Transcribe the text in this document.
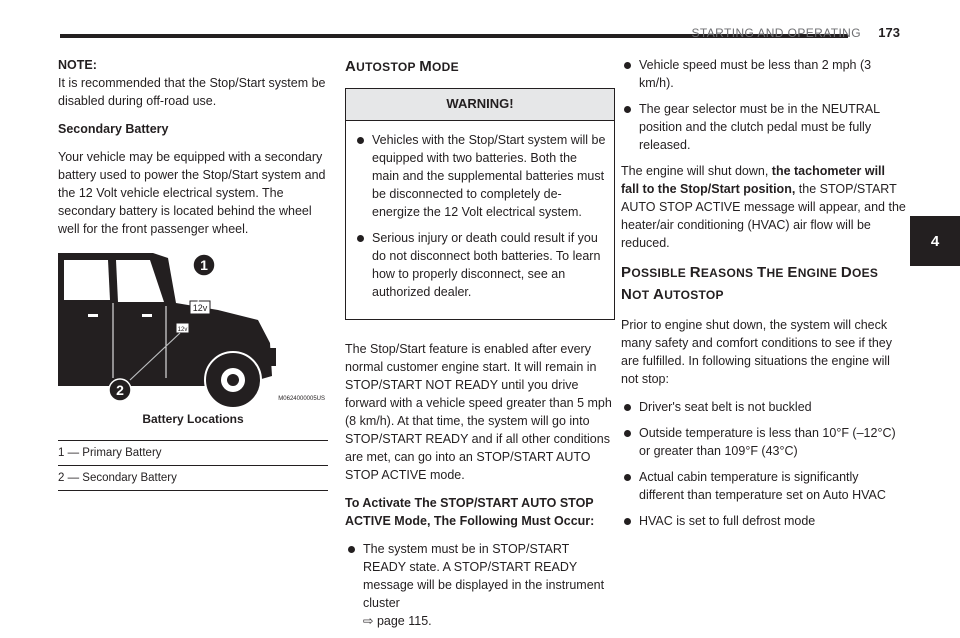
STARTING AND OPERATING 173
4

NOTE:
It is recommended that the Stop/Start system be disabled during off-road use.

Secondary Battery

Your vehicle may be equipped with a secondary battery used to power the Stop/Start system and the 12 Volt vehicle electrical system. The secondary battery is located behind the wheel well for the front passenger wheel.

12v
12v
1
2
M0624000005US
Battery Locations
1 — Primary Battery
2 — Secondary Battery
AUTOSTOP MODE
WARNING!
Vehicles with the Stop/Start system will be equipped with two batteries. Both the main and the supplemental batteries must be disconnected to completely de-energize the 12 Volt electrical system.
Serious injury or death could result if you do not disconnect both batteries. To learn how to properly disconnect, see an authorized dealer.

The Stop/Start feature is enabled after every normal customer engine start. It will remain in STOP/START NOT READY until you drive forward with a vehicle speed greater than 5 mph (8 km/h). At that time, the system will go into STOP/START READY and if all other conditions are met, can go into an STOP/START AUTO STOP ACTIVE mode.

To Activate The STOP/START AUTO STOP ACTIVE Mode, The Following Must Occur:

The system must be in STOP/START READY state. A STOP/START READY message will be displayed in the instrument cluster
⇨ page 115.
Vehicle speed must be less than 2 mph (3 km/h).
The gear selector must be in the NEUTRAL position and the clutch pedal must be fully released.

The engine will shut down, the tachometer will fall to the Stop/Start position, the STOP/START AUTO STOP ACTIVE message will appear, and the heater/air conditioning (HVAC) air flow will be reduced.

POSSIBLE REASONS THE ENGINE DOES
NOT AUTOSTOP

Prior to engine shut down, the system will check many safety and comfort conditions to see if they are fulfilled. In following situations the engine will not stop:

Driver's seat belt is not buckled
Outside temperature is less than 10°F (–12°C) or greater than 109°F (43°C)
Actual cabin temperature is significantly different than temperature set on Auto HVAC
HVAC is set to full defrost mode
